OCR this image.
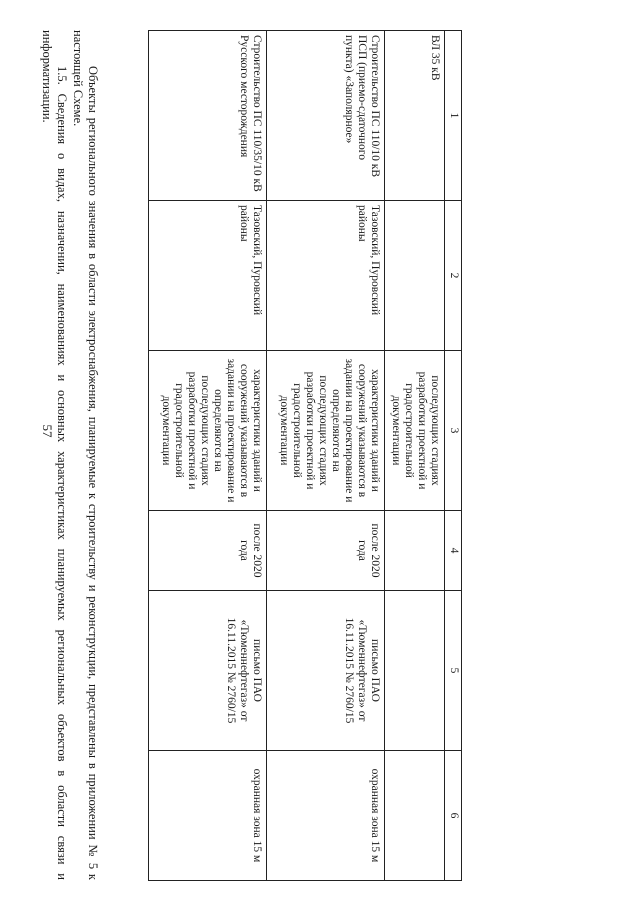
57
1	2	3	4	5	6
ВЛ 35 кВ		последующих стадиях разработки проектной и градостроительной документации			
Строительство ПС 110/10 кВ ПСП (приемо-сдаточного пункта) «Заполярное»	Тазовский, Пуровский районы	характеристики зданий и сооружений указываются в задании на проектирование и определяются на последующих стадиях разработки проектной и градостроительной документации	после 2020 года	письмо ПАО «Тюменнефтегаз» от 16.11.2015 № 2760/15	охранная зона 15 м
Строительство ПС 110/35/10 кВ Русского месторождения	Тазовский, Пуровский районы	характеристики зданий и сооружений указываются в задании на проектирование и определяются на последующих стадиях разработки проектной и градостроительной документации	после 2020 года	письмо ПАО «Тюменнефтегаз» от 16.11.2015 № 2760/15	охранная зона 15 м
Объекты регионального значения в области электроснабжения, планируемые к строительству и реконструкции, представлены в приложении № 5 к настоящей Схеме.
1.5. Сведения о видах, назначении, наименованиях и основных характеристиках планируемых региональных объектов в области связи и информатизации.
